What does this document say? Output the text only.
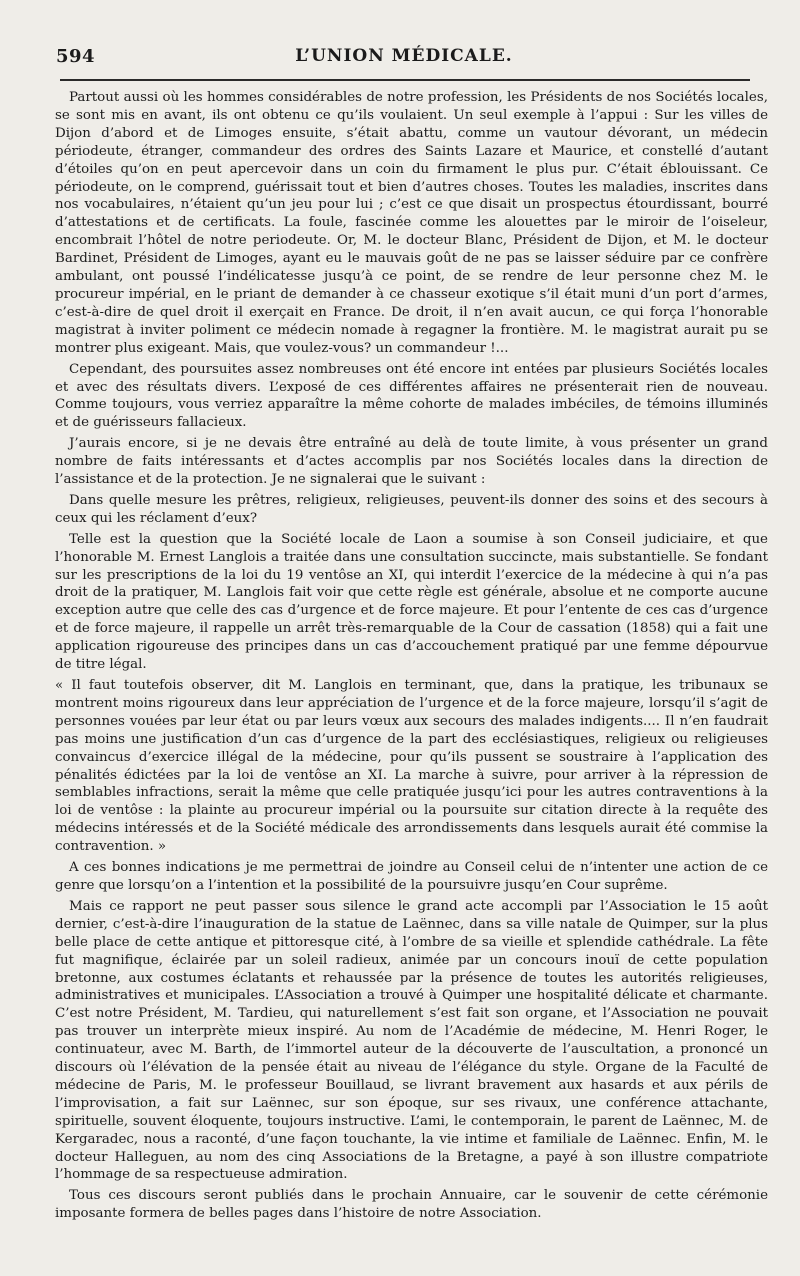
594	L’UNION MÉDICALE.

Partout aussi où les hommes considérables de notre profession, les Présidents de nos Sociétés locales, se sont mis en avant, ils ont obtenu ce qu’ils voulaient. Un seul exemple à l’appui : Sur les villes de Dijon d’abord et de Limoges ensuite, s’était abattu, comme un vautour dévorant, un médecin périodeute, étranger, commandeur des ordres des Saints Lazare et Maurice, et constellé d’autant d’étoiles qu’on en peut apercevoir dans un coin du firmament le plus pur. C’était éblouissant. Ce périodeute, on le comprend, guérissait tout et bien d’autres choses. Toutes les maladies, inscrites dans nos vocabulaires, n’étaient qu’un jeu pour lui ; c’est ce que disait un prospectus étourdissant, bourré d’attestations et de certificats. La foule, fascinée comme les alouettes par le miroir de l’oiseleur, encombrait l’hôtel de notre periodeute. Or, M. le docteur Blanc, Président de Dijon, et M. le docteur Bardinet, Président de Limoges, ayant eu le mauvais goût de ne pas se laisser séduire par ce confrère ambulant, ont poussé l’indélicatesse jusqu’à ce point, de se rendre de leur personne chez M. le procureur impérial, en le priant de demander à ce chasseur exotique s’il était muni d’un port d’armes, c’est-à-dire de quel droit il exerçait en France. De droit, il n’en avait aucun, ce qui força l’honorable magistrat à inviter poliment ce médecin nomade à regagner la frontière. M. le magistrat aurait pu se montrer plus exigeant. Mais, que voulez-vous? un commandeur !...

Cependant, des poursuites assez nombreuses ont été encore int entées par plusieurs Sociétés locales et avec des résultats divers. L’exposé de ces différentes affaires ne présenterait rien de nouveau. Comme toujours, vous verriez apparaître la même cohorte de malades imbéciles, de témoins illuminés et de guérisseurs fallacieux.

J’aurais encore, si je ne devais être entraîné au delà de toute limite, à vous présenter un grand nombre de faits intéressants et d’actes accomplis par nos Sociétés locales dans la direction de l’assistance et de la protection. Je ne signalerai que le suivant :

Dans quelle mesure les prêtres, religieux, religieuses, peuvent-ils donner des soins et des secours à ceux qui les réclament d’eux?

Telle est la question que la Société locale de Laon a soumise à son Conseil judiciaire, et que l’honorable M. Ernest Langlois a traitée dans une consultation succincte, mais substantielle. Se fondant sur les prescriptions de la loi du 19 ventôse an XI, qui interdit l’exercice de la médecine à qui n’a pas droit de la pratiquer, M. Langlois fait voir que cette règle est générale, absolue et ne comporte aucune exception autre que celle des cas d’urgence et de force majeure. Et pour l’entente de ces cas d’urgence et de force majeure, il rappelle un arrêt très-remarquable de la Cour de cassation (1858) qui a fait une application rigoureuse des principes dans un cas d’accouchement pratiqué par une femme dépourvue de titre légal.

« Il faut toutefois observer, dit M. Langlois en terminant, que, dans la pratique, les tribunaux se montrent moins rigoureux dans leur appréciation de l’urgence et de la force majeure, lorsqu’il s’agit de personnes vouées par leur état ou par leurs vœux aux secours des malades indigents.... Il n’en faudrait pas moins une justification d’un cas d’urgence de la part des ecclésiastiques, religieux ou religieuses convaincus d’exercice illégal de la médecine, pour qu’ils pussent se soustraire à l’application des pénalités édictées par la loi de ventôse an XI. La marche à suivre, pour arriver à la répression de semblables infractions, serait la même que celle pratiquée jusqu’ici pour les autres contraventions à la loi de ventôse : la plainte au procureur impérial ou la poursuite sur citation directe à la requête des médecins intéressés et de la Société médicale des arrondissements dans lesquels aurait été commise la contravention. »

A ces bonnes indications je me permettrai de joindre au Conseil celui de n’intenter une action de ce genre que lorsqu’on a l’intention et la possibilité de la poursuivre jusqu’en Cour suprême.

Mais ce rapport ne peut passer sous silence le grand acte accompli par l’Association le 15 août dernier, c’est-à-dire l’inauguration de la statue de Laënnec, dans sa ville natale de Quimper, sur la plus belle place de cette antique et pittoresque cité, à l’ombre de sa vieille et splendide cathédrale. La fête fut magnifique, éclairée par un soleil radieux, animée par un concours inouï de cette population bretonne, aux costumes éclatants et rehaussée par la présence de toutes les autorités religieuses, administratives et municipales. L’Association a trouvé à Quimper une hospitalité délicate et charmante. C’est notre Président, M. Tardieu, qui naturellement s’est fait son organe, et l’Association ne pouvait pas trouver un interprète mieux inspiré. Au nom de l’Académie de médecine, M. Henri Roger, le continuateur, avec M. Barth, de l’immortel auteur de la découverte de l’auscultation, a prononcé un discours où l’élévation de la pensée était au niveau de l’élégance du style. Organe de la Faculté de médecine de Paris, M. le professeur Bouillaud, se livrant bravement aux hasards et aux périls de l’improvisation, a fait sur Laënnec, sur son époque, sur ses rivaux, une conférence attachante, spirituelle, souvent éloquente, toujours instructive. L’ami, le contemporain, le parent de Laënnec, M. de Kergaradec, nous a raconté, d’une façon touchante, la vie intime et familiale de Laënnec. Enfin, M. le docteur Halleguen, au nom des cinq Associations de la Bretagne, a payé à son illustre compatriote l’hommage de sa respectueuse admiration.

Tous ces discours seront publiés dans le prochain Annuaire, car le souvenir de cette cérémonie imposante formera de belles pages dans l’histoire de notre Association.
